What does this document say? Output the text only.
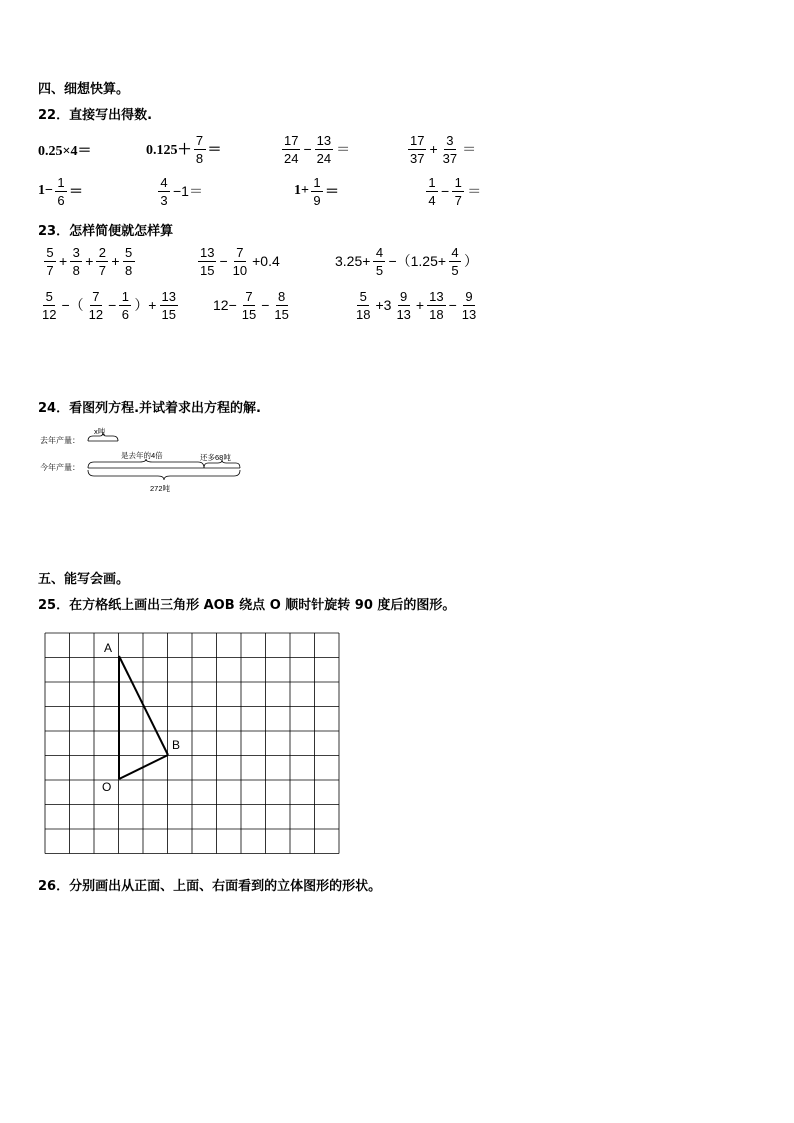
四、细想快算。
22．直接写出得数.
0.25×4＝	$0.125+ \frac{7}{8}$ ＝	$\frac{17}{24} - \frac{13}{24}$ ＝	$\frac{17}{37} + \frac{3}{37}$ ＝
$1- \frac{1}{6}$ ＝	$\frac{4}{3} -1=$	$1+ \frac{1}{9}$ ＝	$\frac{1}{4} - \frac{1}{7}$ ＝
23．怎样简便就怎样算
$\frac{5}{7} + \frac{3}{8} + \frac{2}{7} + \frac{5}{8}$	$\frac{13}{15} - \frac{7}{10} +0.4$	$3.25+ \frac{4}{5} -(1.25+ \frac{4}{5}$ ）
$\frac{5}{12}$ −（ $\frac{7}{12} - \frac{1}{6}$ ）+ $\frac{13}{15}$	$12- \frac{7}{15} - \frac{8}{15}$	$\frac{5}{18} +3 \frac{9}{13} + \frac{13}{18} - \frac{9}{13}$
24．看图列方程.并试着求出方程的解.
去年产量：
今年产量：
x吨
是去年的4倍	还多68吨
272吨
五、能写会画。
25．在方格纸上画出三角形 AOB 绕点 O 顺时针旋转 90 度后的图形。
A
B
O
26．分别画出从正面、上面、右面看到的立体图形的形状。
